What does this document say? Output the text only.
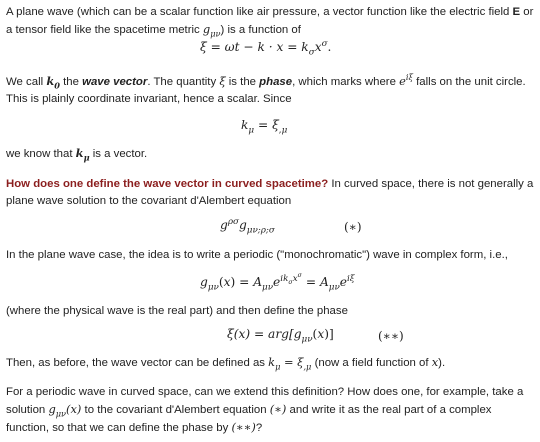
A plane wave (which can be a scalar function like air pressure, a vector function like the electric field E or a tensor field like the spacetime metric $g_{\mu\nu}$) is a function of
$\xi = \omega t - k \cdot x = k_\sigma x^\sigma$.
We call $k_0$ the wave vector. The quantity ξ is the phase, which marks where $e^{i\xi}$ falls on the unit circle. This is plainly coordinate invariant, hence a scalar. Since
$k_\mu = \xi_{,\mu}$
we know that $k_\mu$ is a vector.
How does one define the wave vector in curved spacetime? In curved space, there is not generally a plane wave solution to the covariant d'Alembert equation
$g^{\rho\sigma}g_{\mu\nu;\rho;\sigma}$	(∗)
In the plane wave case, the idea is to write a periodic ("monochromatic") wave in complex form, i.e.,
$g_{\mu\nu}(x) = A_{\mu\nu}e^{ik_\sigma x^\sigma} = A_{\mu\nu}e^{i\xi}$
(where the physical wave is the real part) and then define the phase
$\xi(x) = arg[g_{\mu\nu}(x)]$	(∗∗)
Then, as before, the wave vector can be defined as $k_\mu = \xi_{,\mu}$ (now a field function of x).
For a periodic wave in curved space, can we extend this definition? How does one, for example, take a solution $g_{\mu\nu}(x)$ to the covariant d'Alembert equation (∗) and write it as the real part of a complex function, so that we can define the phase by (∗∗)?
